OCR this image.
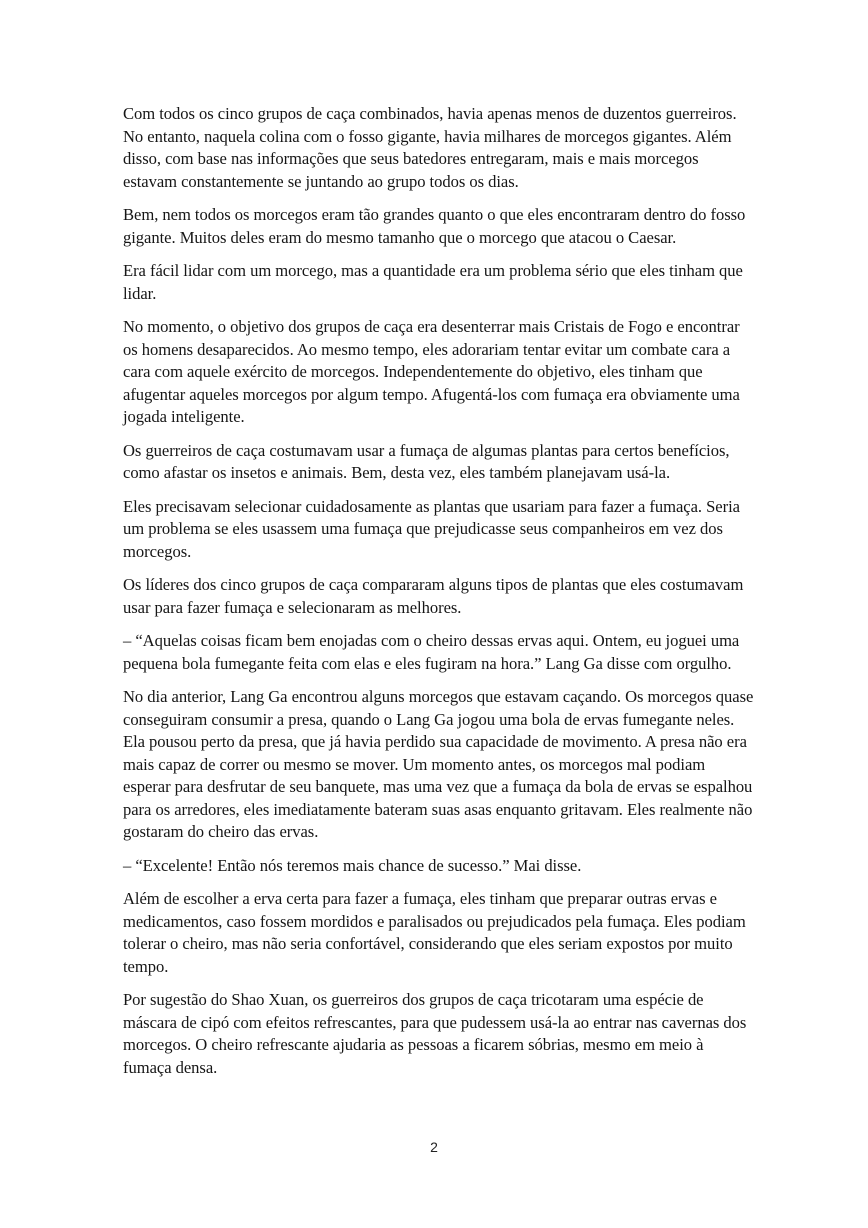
Com todos os cinco grupos de caça combinados, havia apenas menos de duzentos guerreiros. No entanto, naquela colina com o fosso gigante, havia milhares de morcegos gigantes. Além disso, com base nas informações que seus batedores entregaram, mais e mais morcegos estavam constantemente se juntando ao grupo todos os dias.

Bem, nem todos os morcegos eram tão grandes quanto o que eles encontraram dentro do fosso gigante. Muitos deles eram do mesmo tamanho que o morcego que atacou o Caesar.

Era fácil lidar com um morcego, mas a quantidade era um problema sério que eles tinham que lidar.

No momento, o objetivo dos grupos de caça era desenterrar mais Cristais de Fogo e encontrar os homens desaparecidos. Ao mesmo tempo, eles adorariam tentar evitar um combate cara a cara com aquele exército de morcegos. Independentemente do objetivo, eles tinham que afugentar aqueles morcegos por algum tempo. Afugentá-los com fumaça era obviamente uma jogada inteligente.

Os guerreiros de caça costumavam usar a fumaça de algumas plantas para certos benefícios, como afastar os insetos e animais. Bem, desta vez, eles também planejavam usá-la.

Eles precisavam selecionar cuidadosamente as plantas que usariam para fazer a fumaça. Seria um problema se eles usassem uma fumaça que prejudicasse seus companheiros em vez dos morcegos.

Os líderes dos cinco grupos de caça compararam alguns tipos de plantas que eles costumavam usar para fazer fumaça e selecionaram as melhores.

– “Aquelas coisas ficam bem enojadas com o cheiro dessas ervas aqui. Ontem, eu joguei uma pequena bola fumegante feita com elas e eles fugiram na hora.” Lang Ga disse com orgulho.

No dia anterior, Lang Ga encontrou alguns morcegos que estavam caçando. Os morcegos quase conseguiram consumir a presa, quando o Lang Ga jogou uma bola de ervas fumegante neles. Ela pousou perto da presa, que já havia perdido sua capacidade de movimento. A presa não era mais capaz de correr ou mesmo se mover. Um momento antes, os morcegos mal podiam esperar para desfrutar de seu banquete, mas uma vez que a fumaça da bola de ervas se espalhou para os arredores, eles imediatamente bateram suas asas enquanto gritavam. Eles realmente não gostaram do cheiro das ervas.

– “Excelente! Então nós teremos mais chance de sucesso.” Mai disse.

Além de escolher a erva certa para fazer a fumaça, eles tinham que preparar outras ervas e medicamentos, caso fossem mordidos e paralisados ou prejudicados pela fumaça. Eles podiam tolerar o cheiro, mas não seria confortável, considerando que eles seriam expostos por muito tempo.

Por sugestão do Shao Xuan, os guerreiros dos grupos de caça tricotaram uma espécie de máscara de cipó com efeitos refrescantes, para que pudessem usá-la ao entrar nas cavernas dos morcegos. O cheiro refrescante ajudaria as pessoas a ficarem sóbrias, mesmo em meio à fumaça densa.

2
